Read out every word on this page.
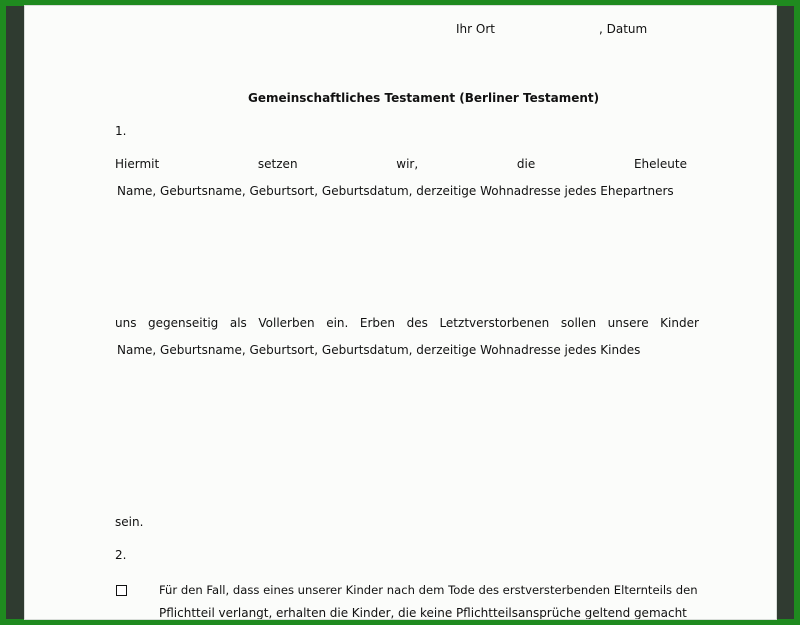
Ihr Ort	, Datum
Gemeinschaftliches Testament (Berliner Testament)
1.
Hiermit	setzen	wir,	die	Eheleute
Name, Geburtsname, Geburtsort, Geburtsdatum, derzeitige Wohnadresse jedes Ehepartners
uns gegenseitig als Vollerben ein. Erben des Letztverstorbenen sollen unsere Kinder
Name, Geburtsname, Geburtsort, Geburtsdatum, derzeitige Wohnadresse jedes Kindes
sein.
2.
Für den Fall, dass eines unserer Kinder nach dem Tode des erstversterbenden Elternteils den
Pflichtteil verlangt, erhalten die Kinder, die keine Pflichtteilsansprüche geltend gemacht
